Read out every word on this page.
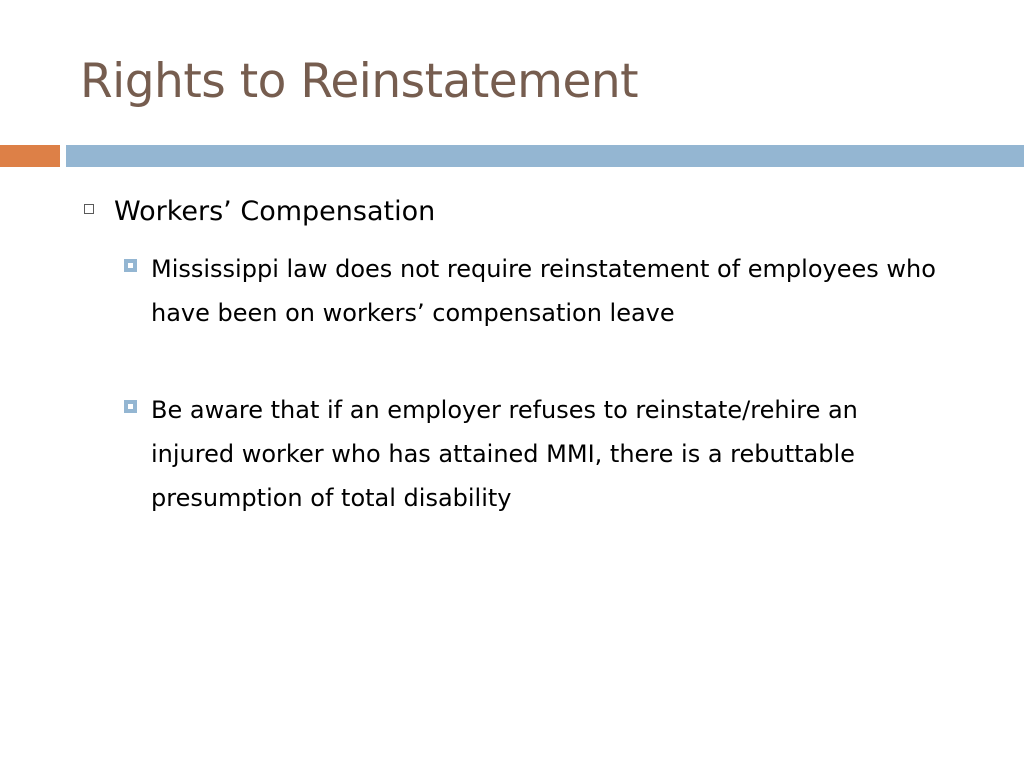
Rights to Reinstatement
Workers’ Compensation
Mississippi law does not require reinstatement of employees who have been on workers’ compensation leave
Be aware that if an employer refuses to reinstate/rehire an injured worker who has attained MMI, there is a rebuttable presumption of total disability
